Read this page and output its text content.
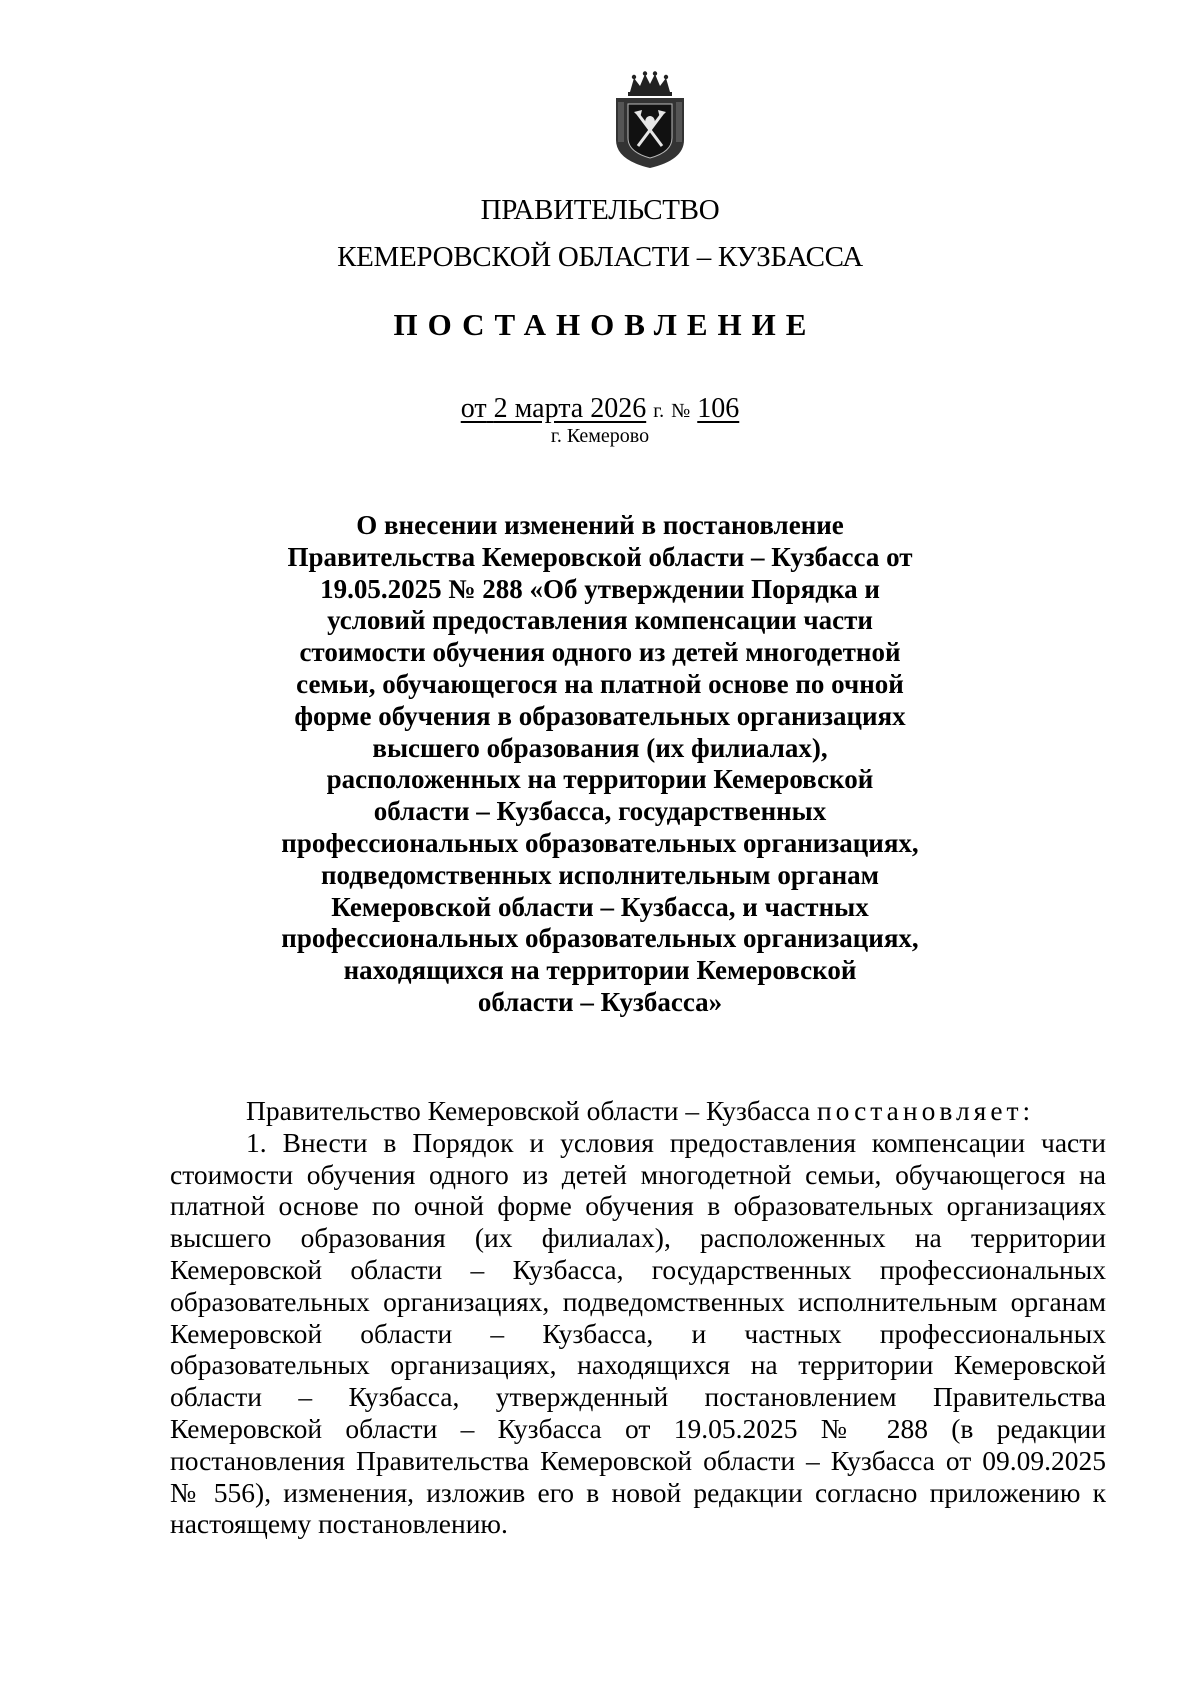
ПРАВИТЕЛЬСТВО
КЕМЕРОВСКОЙ ОБЛАСТИ – КУЗБАССА
ПОСТАНОВЛЕНИЕ
от 2 марта 2026 г. № 106
г. Кемерово
О внесении изменений в постановление
Правительства Кемеровской области – Кузбасса от
19.05.2025 № 288 «Об утверждении Порядка и
условий предоставления компенсации части
стоимости обучения одного из детей многодетной
семьи, обучающегося на платной основе по очной
форме обучения в образовательных организациях
высшего образования (их филиалах),
расположенных на территории Кемеровской
области – Кузбасса, государственных
профессиональных образовательных организациях,
подведомственных исполнительным органам
Кемеровской области – Кузбасса, и частных
профессиональных образовательных организациях,
находящихся на территории Кемеровской
области – Кузбасса»
Правительство Кемеровской области – Кузбасса постановляет:
1. Внести в Порядок и условия предоставления компенсации части стоимости обучения одного из детей многодетной семьи, обучающегося на платной основе по очной форме обучения в образовательных организациях высшего образования (их филиалах), расположенных на территории Кемеровской области – Кузбасса, государственных профессиональных образовательных организациях, подведомственных исполнительным органам Кемеровской области – Кузбасса, и частных профессиональных образовательных организациях, находящихся на территории Кемеровской области – Кузбасса, утвержденный постановлением Правительства Кемеровской области – Кузбасса от 19.05.2025 № 288 (в редакции постановления Правительства Кемеровской области – Кузбасса от 09.09.2025 № 556), изменения, изложив его в новой редакции согласно приложению к настоящему постановлению.
